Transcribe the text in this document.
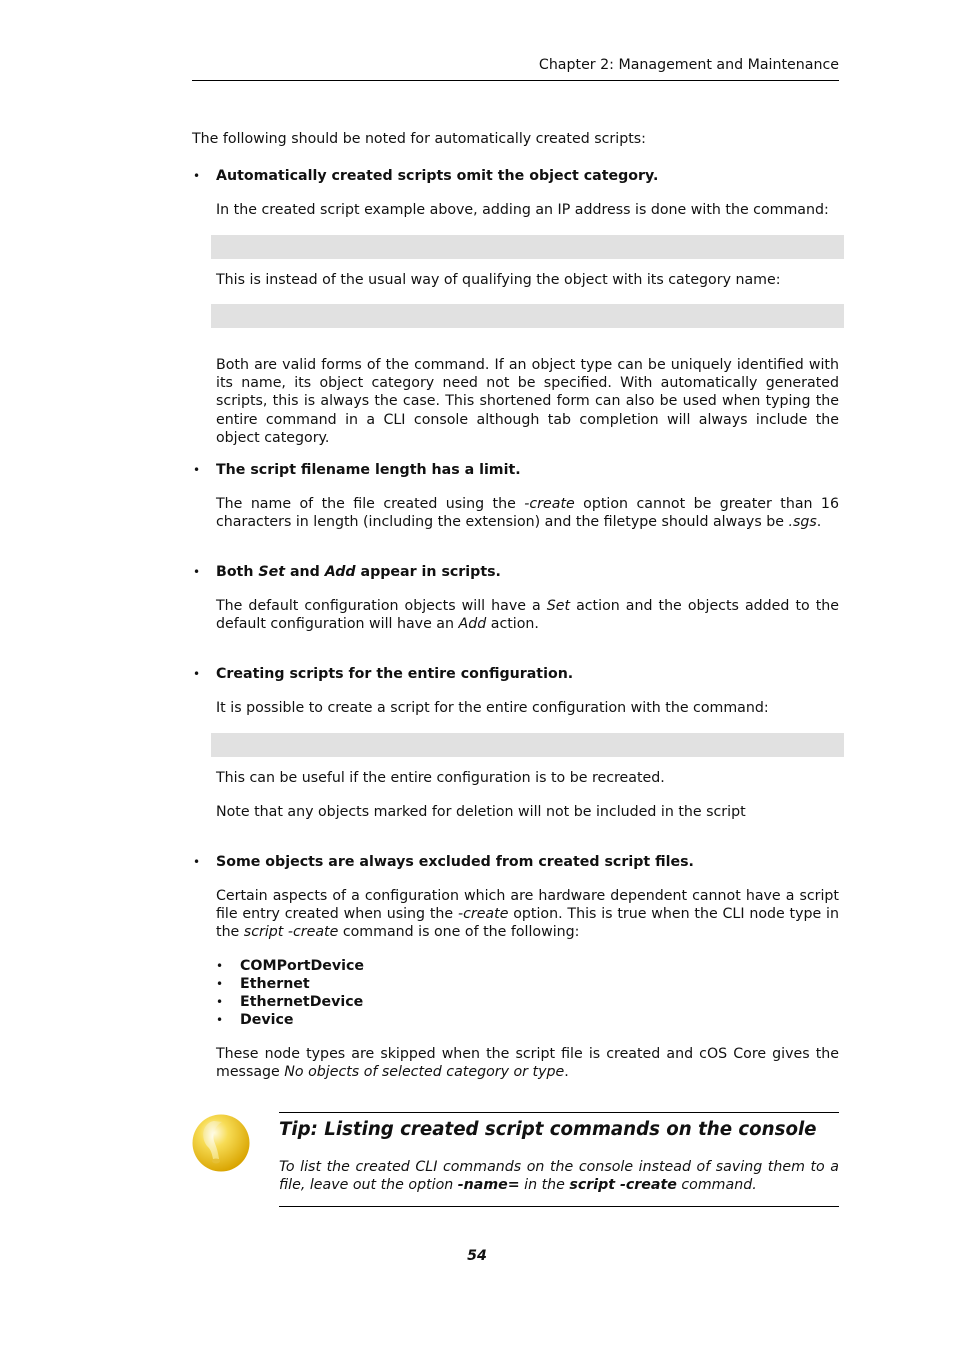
Chapter 2: Management and Maintenance
The following should be noted for automatically created scripts:
• Automatically created scripts omit the object category.
In the created script example above, adding an IP address is done with the command:
This is instead of the usual way of qualifying the object with its category name:
Both are valid forms of the command. If an object type can be uniquely identified with its name, its object category need not be specified. With automatically generated scripts, this is always the case. This shortened form can also be used when typing the entire command in a CLI console although tab completion will always include the object category.
• The script filename length has a limit.
The name of the file created using the -create option cannot be greater than 16 characters in length (including the extension) and the filetype should always be .sgs.
• Both Set and Add appear in scripts.
The default configuration objects will have a Set action and the objects added to the default configuration will have an Add action.
• Creating scripts for the entire configuration.
It is possible to create a script for the entire configuration with the command:
This can be useful if the entire configuration is to be recreated.
Note that any objects marked for deletion will not be included in the script
• Some objects are always excluded from created script files.
Certain aspects of a configuration which are hardware dependent cannot have a script file entry created when using the -create option. This is true when the CLI node type in the script -create command is one of the following:
• COMPortDevice
• Ethernet
• EthernetDevice
• Device
These node types are skipped when the script file is created and cOS Core gives the message No objects of selected category or type.
Tip: Listing created script commands on the console
To list the created CLI commands on the console instead of saving them to a file, leave out the option -name= in the script -create command.
54
